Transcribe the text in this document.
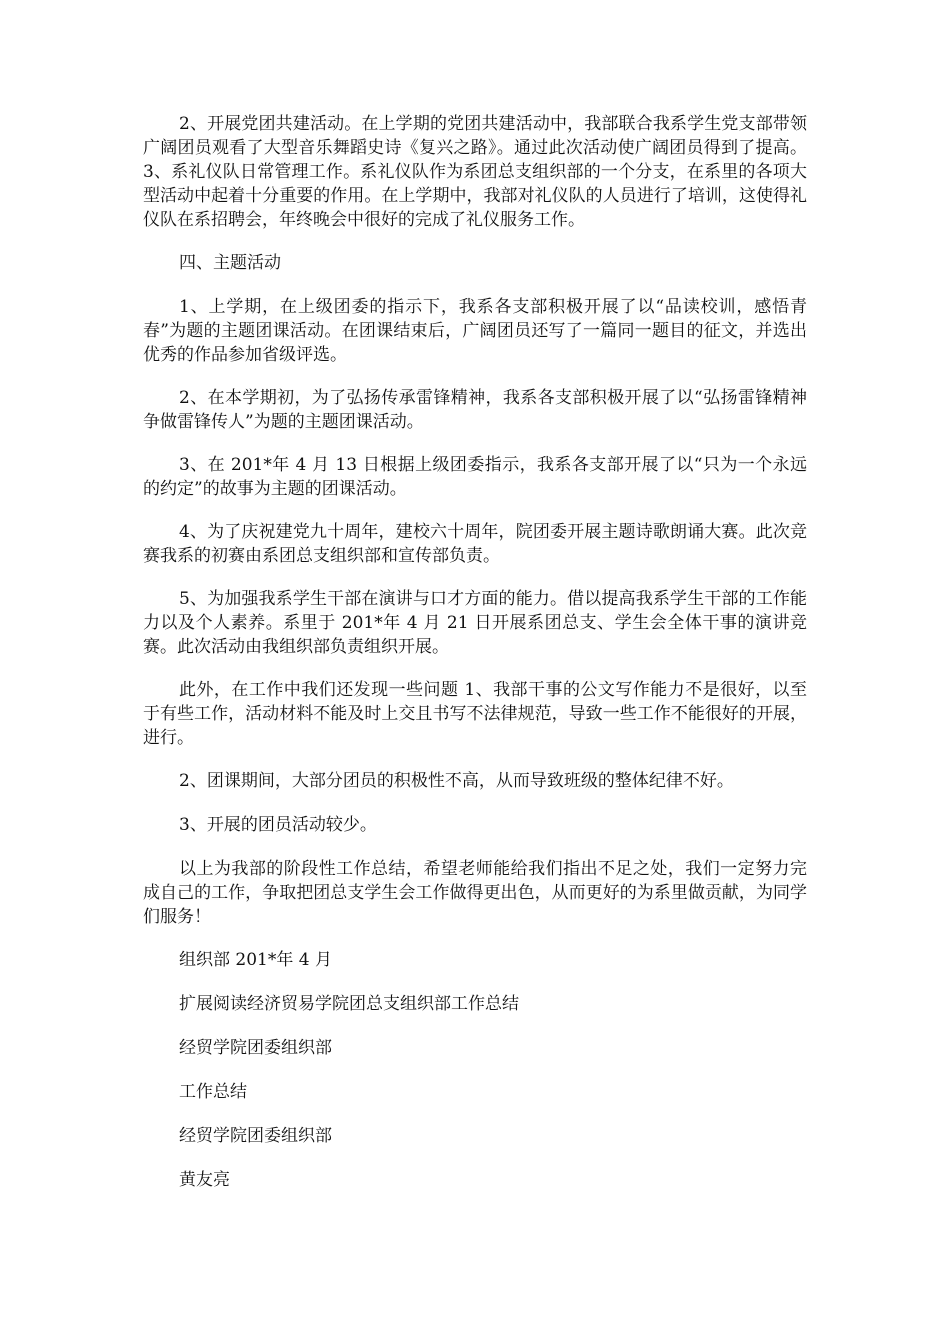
2、开展党团共建活动。在上学期的党团共建活动中，我部联合我系学生党支部带领广阔团员观看了大型音乐舞蹈史诗《复兴之路》。通过此次活动使广阔团员得到了提高。3、系礼仪队日常管理工作。系礼仪队作为系团总支组织部的一个分支，在系里的各项大型活动中起着十分重要的作用。在上学期中，我部对礼仪队的人员进行了培训，这使得礼仪队在系招聘会，年终晚会中很好的完成了礼仪服务工作。

四、主题活动

1、上学期，在上级团委的指示下，我系各支部积极开展了以“品读校训，感悟青春”为题的主题团课活动。在团课结束后，广阔团员还写了一篇同一题目的征文，并选出优秀的作品参加省级评选。

2、在本学期初，为了弘扬传承雷锋精神，我系各支部积极开展了以“弘扬雷锋精神争做雷锋传人”为题的主题团课活动。

3、在 201*年 4 月 13 日根据上级团委指示，我系各支部开展了以“只为一个永远的约定”的故事为主题的团课活动。

4、为了庆祝建党九十周年，建校六十周年，院团委开展主题诗歌朗诵大赛。此次竞赛我系的初赛由系团总支组织部和宣传部负责。

5、为加强我系学生干部在演讲与口才方面的能力。借以提高我系学生干部的工作能力以及个人素养。系里于 201*年 4 月 21 日开展系团总支、学生会全体干事的演讲竞赛。此次活动由我组织部负责组织开展。

此外，在工作中我们还发现一些问题 1、我部干事的公文写作能力不是很好，以至于有些工作，活动材料不能及时上交且书写不法律规范，导致一些工作不能很好的开展，进行。

2、团课期间，大部分团员的积极性不高，从而导致班级的整体纪律不好。

3、开展的团员活动较少。

以上为我部的阶段性工作总结，希望老师能给我们指出不足之处，我们一定努力完成自己的工作，争取把团总支学生会工作做得更出色，从而更好的为系里做贡献，为同学们服务！

组织部 201*年 4 月

扩展阅读经济贸易学院团总支组织部工作总结

经贸学院团委组织部

工作总结

经贸学院团委组织部

黄友亮
